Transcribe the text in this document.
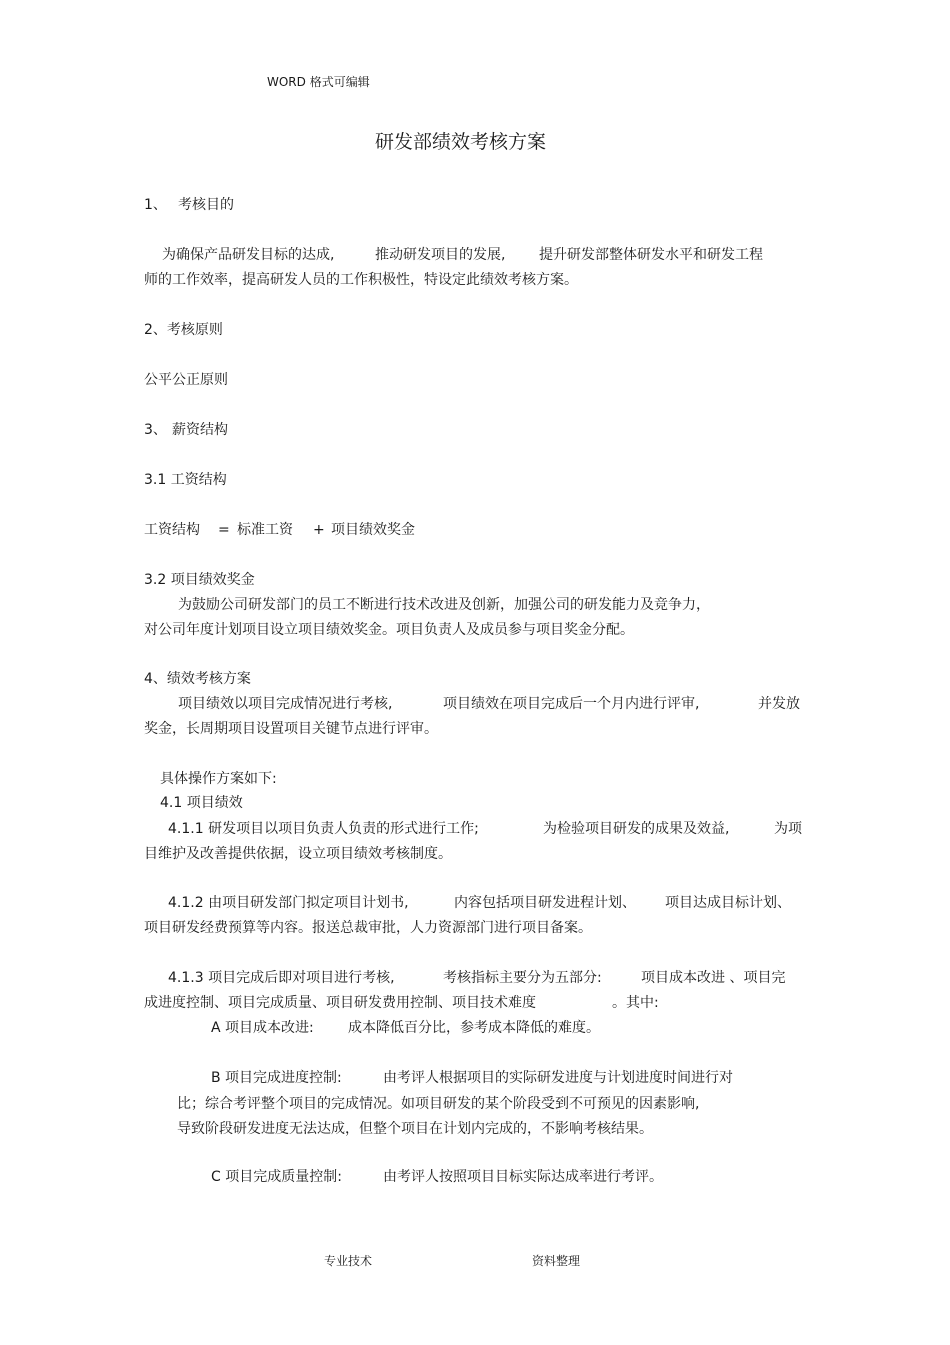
WORD 格式可编辑
研发部绩效考核方案
1、 考核目的
为确保产品研发目标的达成,	推动研发项目的发展, 提升研发部整体研发水平和研发工程
师的工作效率，提高研发人员的工作积极性，特设定此绩效考核方案。
2、考核原则
公平公正原则
3、 薪资结构
3.1 工资结构
工资结构 = 标准工资 + 项目绩效奖金
3.2 项目绩效奖金
为鼓励公司研发部门的员工不断进行技术改进及创新，加强公司的研发能力及竞争力，
对公司年度计划项目设立项目绩效奖金。项目负责人及成员参与项目奖金分配。
4、绩效考核方案
项目绩效以项目完成情况进行考核,	项目绩效在项目完成后一个月内进行评审,	并发放
奖金，长周期项目设置项目关键节点进行评审。
具体操作方案如下:
4.1 项目绩效
4.1.1 研发项目以项目负责人负责的形式进行工作;	为检验项目研发的成果及效益,	为项
目维护及改善提供依据，设立项目绩效考核制度。
4.1.2 由项目研发部门拟定项目计划书,	内容包括项目研发进程计划、 项目达成目标计划、
项目研发经费预算等内容。报送总裁审批，人力资源部门进行项目备案。
4.1.3 项目完成后即对项目进行考核,	考核指标主要分为五部分:	项目成本改进 、项目完
成进度控制、项目完成质量、项目研发费用控制、项目技术难度	。其中:
A 项目成本改进: 成本降低百分比，参考成本降低的难度。
B 项目完成进度控制:	由考评人根据项目的实际研发进度与计划进度时间进行对
比；综合考评整个项目的完成情况。如项目研发的某个阶段受到不可预见的因素影响,
导致阶段研发进度无法达成，但整个项目在计划内完成的，不影响考核结果。
C 项目完成质量控制:	由考评人按照项目目标实际达成率进行考评。
专业技术	资料整理
